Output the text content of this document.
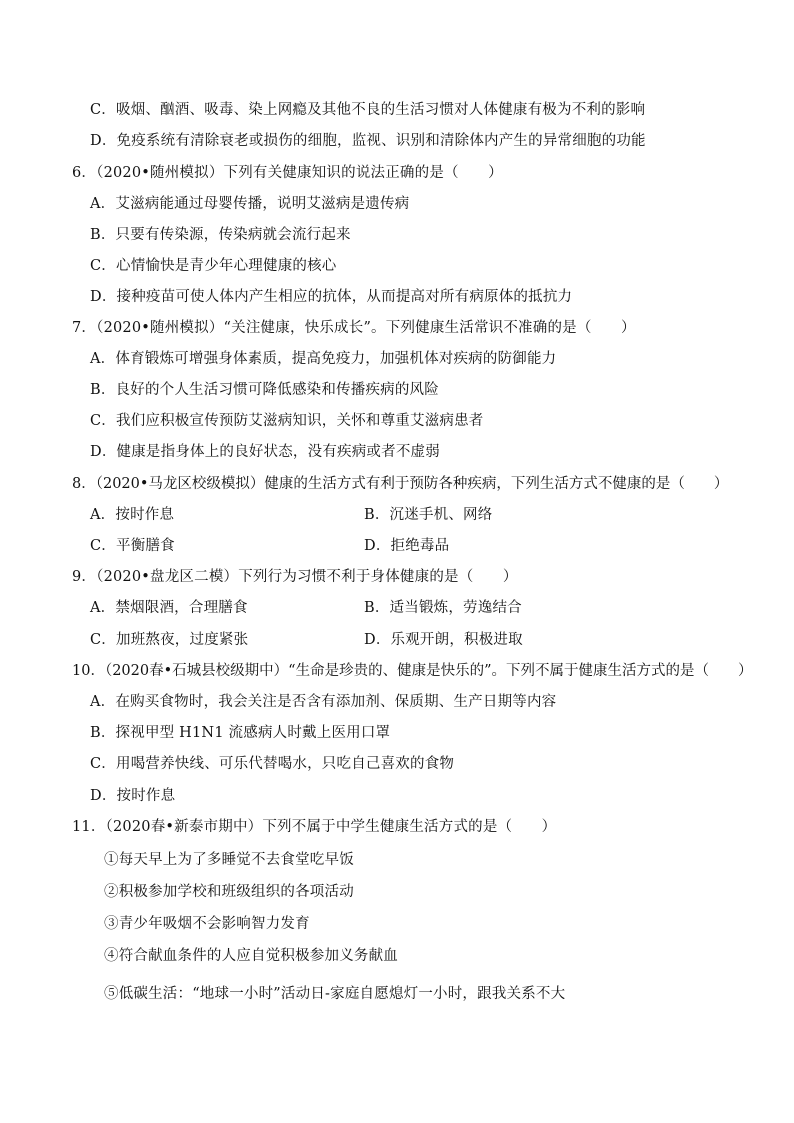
C．吸烟、酗酒、吸毒、染上网瘾及其他不良的生活习惯对人体健康有极为不利的影响
D．免疫系统有清除衰老或损伤的细胞，监视、识别和清除体内产生的异常细胞的功能
6．（2020•随州模拟）下列有关健康知识的说法正确的是（　　）
A．艾滋病能通过母婴传播，说明艾滋病是遗传病
B．只要有传染源，传染病就会流行起来
C．心情愉快是青少年心理健康的核心
D．接种疫苗可使人体内产生相应的抗体，从而提高对所有病原体的抵抗力
7．（2020•随州模拟）“关注健康，快乐成长”。下列健康生活常识不准确的是（　　）
A．体育锻炼可增强身体素质，提高免疫力，加强机体对疾病的防御能力
B．良好的个人生活习惯可降低感染和传播疾病的风险
C．我们应积极宣传预防艾滋病知识，关怀和尊重艾滋病患者
D．健康是指身体上的良好状态，没有疾病或者不虚弱
8．（2020•马龙区校级模拟）健康的生活方式有利于预防各种疾病，下列生活方式不健康的是（　　）
A．按时作息	B．沉迷手机、网络
C．平衡膳食	D．拒绝毒品
9．（2020•盘龙区二模）下列行为习惯不利于身体健康的是（　　）
A．禁烟限酒，合理膳食	B．适当锻炼，劳逸结合
C．加班熬夜，过度紧张	D．乐观开朗，积极进取
10．（2020春•石城县校级期中）“生命是珍贵的、健康是快乐的”。下列不属于健康生活方式的是（　　）
A．在购买食物时，我会关注是否含有添加剂、保质期、生产日期等内容
B．探视甲型 H1N1 流感病人时戴上医用口罩
C．用喝营养快线、可乐代替喝水，只吃自己喜欢的食物
D．按时作息
11．（2020春•新泰市期中）下列不属于中学生健康生活方式的是（　　）
①每天早上为了多睡觉不去食堂吃早饭
②积极参加学校和班级组织的各项活动
③青少年吸烟不会影响智力发育
④符合献血条件的人应自觉积极参加义务献血
⑤低碳生活：“地球一小时”活动日-家庭自愿熄灯一小时，跟我关系不大
